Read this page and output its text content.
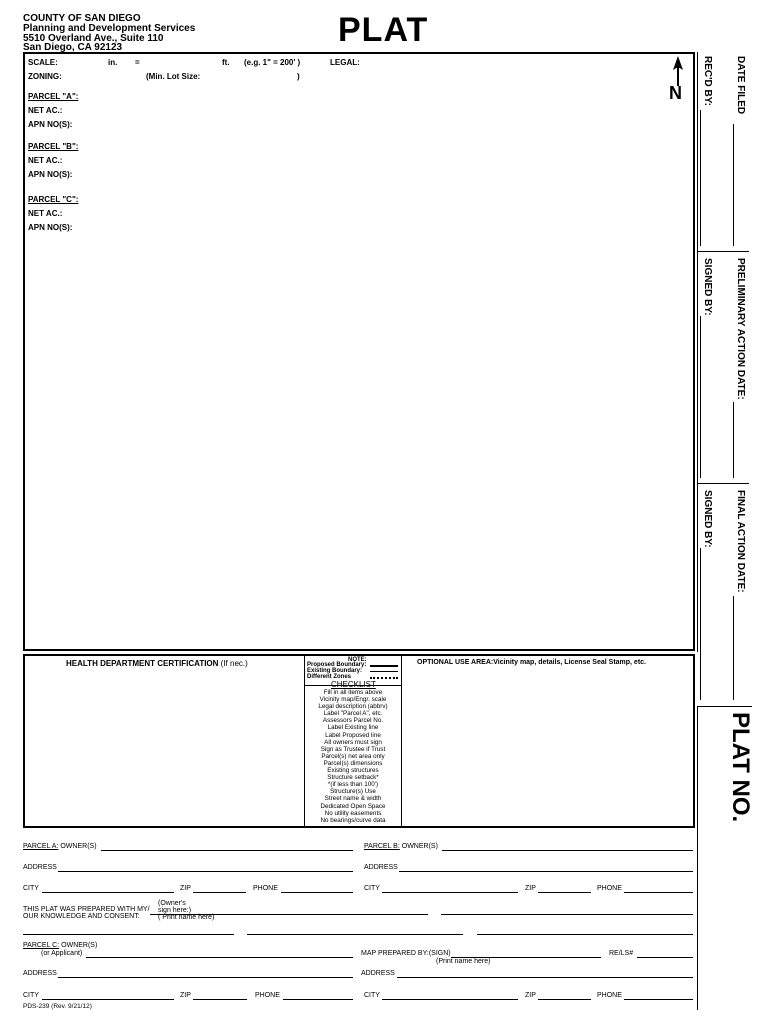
COUNTY OF SAN DIEGO
Planning and Development Services
5510 Overland Ave., Suite 110
San Diego, CA 92123	PLAT
SCALE:	in. =	ft. (e.g. 1" = 200' )	LEGAL:
ZONING:	(Min. Lot Size:	)
PARCEL "A":
NET AC.:
APN NO(S):
PARCEL "B":
NET AC.:
APN NO(S):
PARCEL "C":
NET AC.:
APN NO(S):
N	DATE FILED
REC'D BY:
PRELIMINARY ACTION DATE:
SIGNED BY:
FINAL ACTION DATE:
SIGNED BY:
PLAT NO.
HEALTH DEPARTMENT CERTIFICATION (If nec.)	NOTE:
Proposed Boundary:
Existing Boundary:
Different Zones
CHECKLIST
Fill in all items above
Vicinity map/Engr. scale
Legal description (abbrv)
Label "Parcel A", etc.
Assessors Parcel No.
Label Existing line
Label Proposed line
All owners must sign
Sign as Trustee if Trust
Parcel(s) net area only
Parcel(s) dimensions
Existing structures
Structure setback*
*(if less than 100')
Structure(s) Use
Street name & width
Dedicated Open Space
No utility easements
No bearings/curve data
OPTIONAL USE AREA:Vicinity map, details, License Seal Stamp, etc.
PARCEL A: OWNER(S)	PARCEL B: OWNER(S)
ADDRESS	ADDRESS
CITY	ZIP	PHONE	CITY	ZIP	PHONE
THIS PLAT WAS PREPARED WITH MY/
OUR KNOWLEDGE AND CONSENT:
(Owner's
sign here:)
( Print name here)
PARCEL C: OWNER(S)
(or Applicant)	MAP PREPARED BY:(SIGN)
(Print name here)
RE/LS#
ADDRESS	ADDRESS
CITY	ZIP	PHONE	CITY	ZIP	PHONE
PDS-239 (Rev. 9/21/12)
